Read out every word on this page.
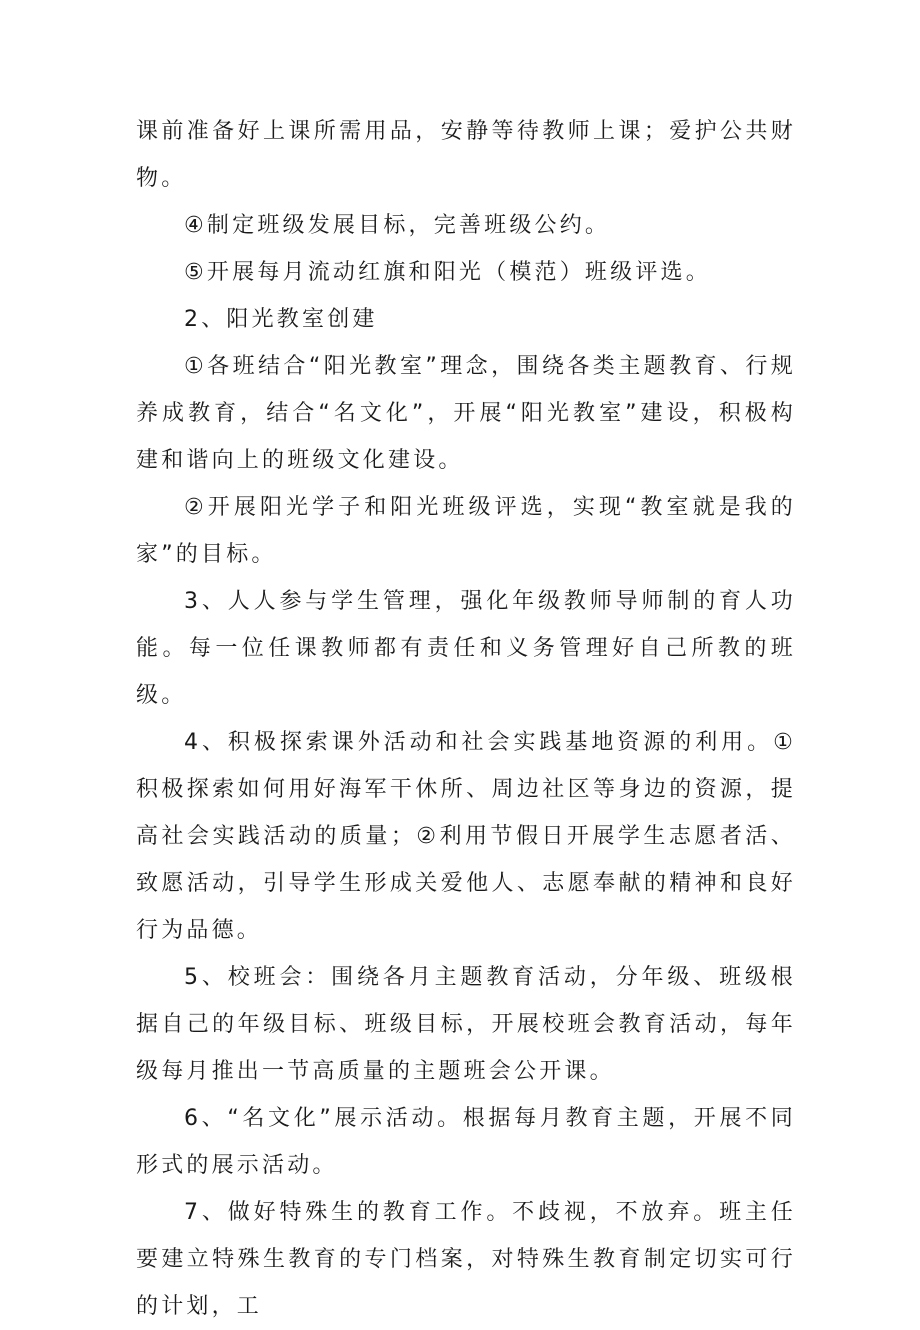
课前准备好上课所需用品，安静等待教师上课；爱护公共财物。

④制定班级发展目标，完善班级公约。

⑤开展每月流动红旗和阳光（模范）班级评选。

2、阳光教室创建

①各班结合“阳光教室”理念，围绕各类主题教育、行规养成教育，结合“名文化”，开展“阳光教室”建设，积极构建和谐向上的班级文化建设。

②开展阳光学子和阳光班级评选，实现“教室就是我的家”的目标。

3、人人参与学生管理，强化年级教师导师制的育人功能。每一位任课教师都有责任和义务管理好自己所教的班级。

4、积极探索课外活动和社会实践基地资源的利用。①积极探索如何用好海军干休所、周边社区等身边的资源，提高社会实践活动的质量；②利用节假日开展学生志愿者活、致愿活动，引导学生形成关爱他人、志愿奉献的精神和良好行为品德。

5、校班会：围绕各月主题教育活动，分年级、班级根据自己的年级目标、班级目标，开展校班会教育活动，每年级每月推出一节高质量的主题班会公开课。

6、“名文化”展示活动。根据每月教育主题，开展不同形式的展示活动。

7、做好特殊生的教育工作。不歧视，不放弃。班主任要建立特殊生教育的专门档案，对特殊生教育制定切实可行的计划，工
